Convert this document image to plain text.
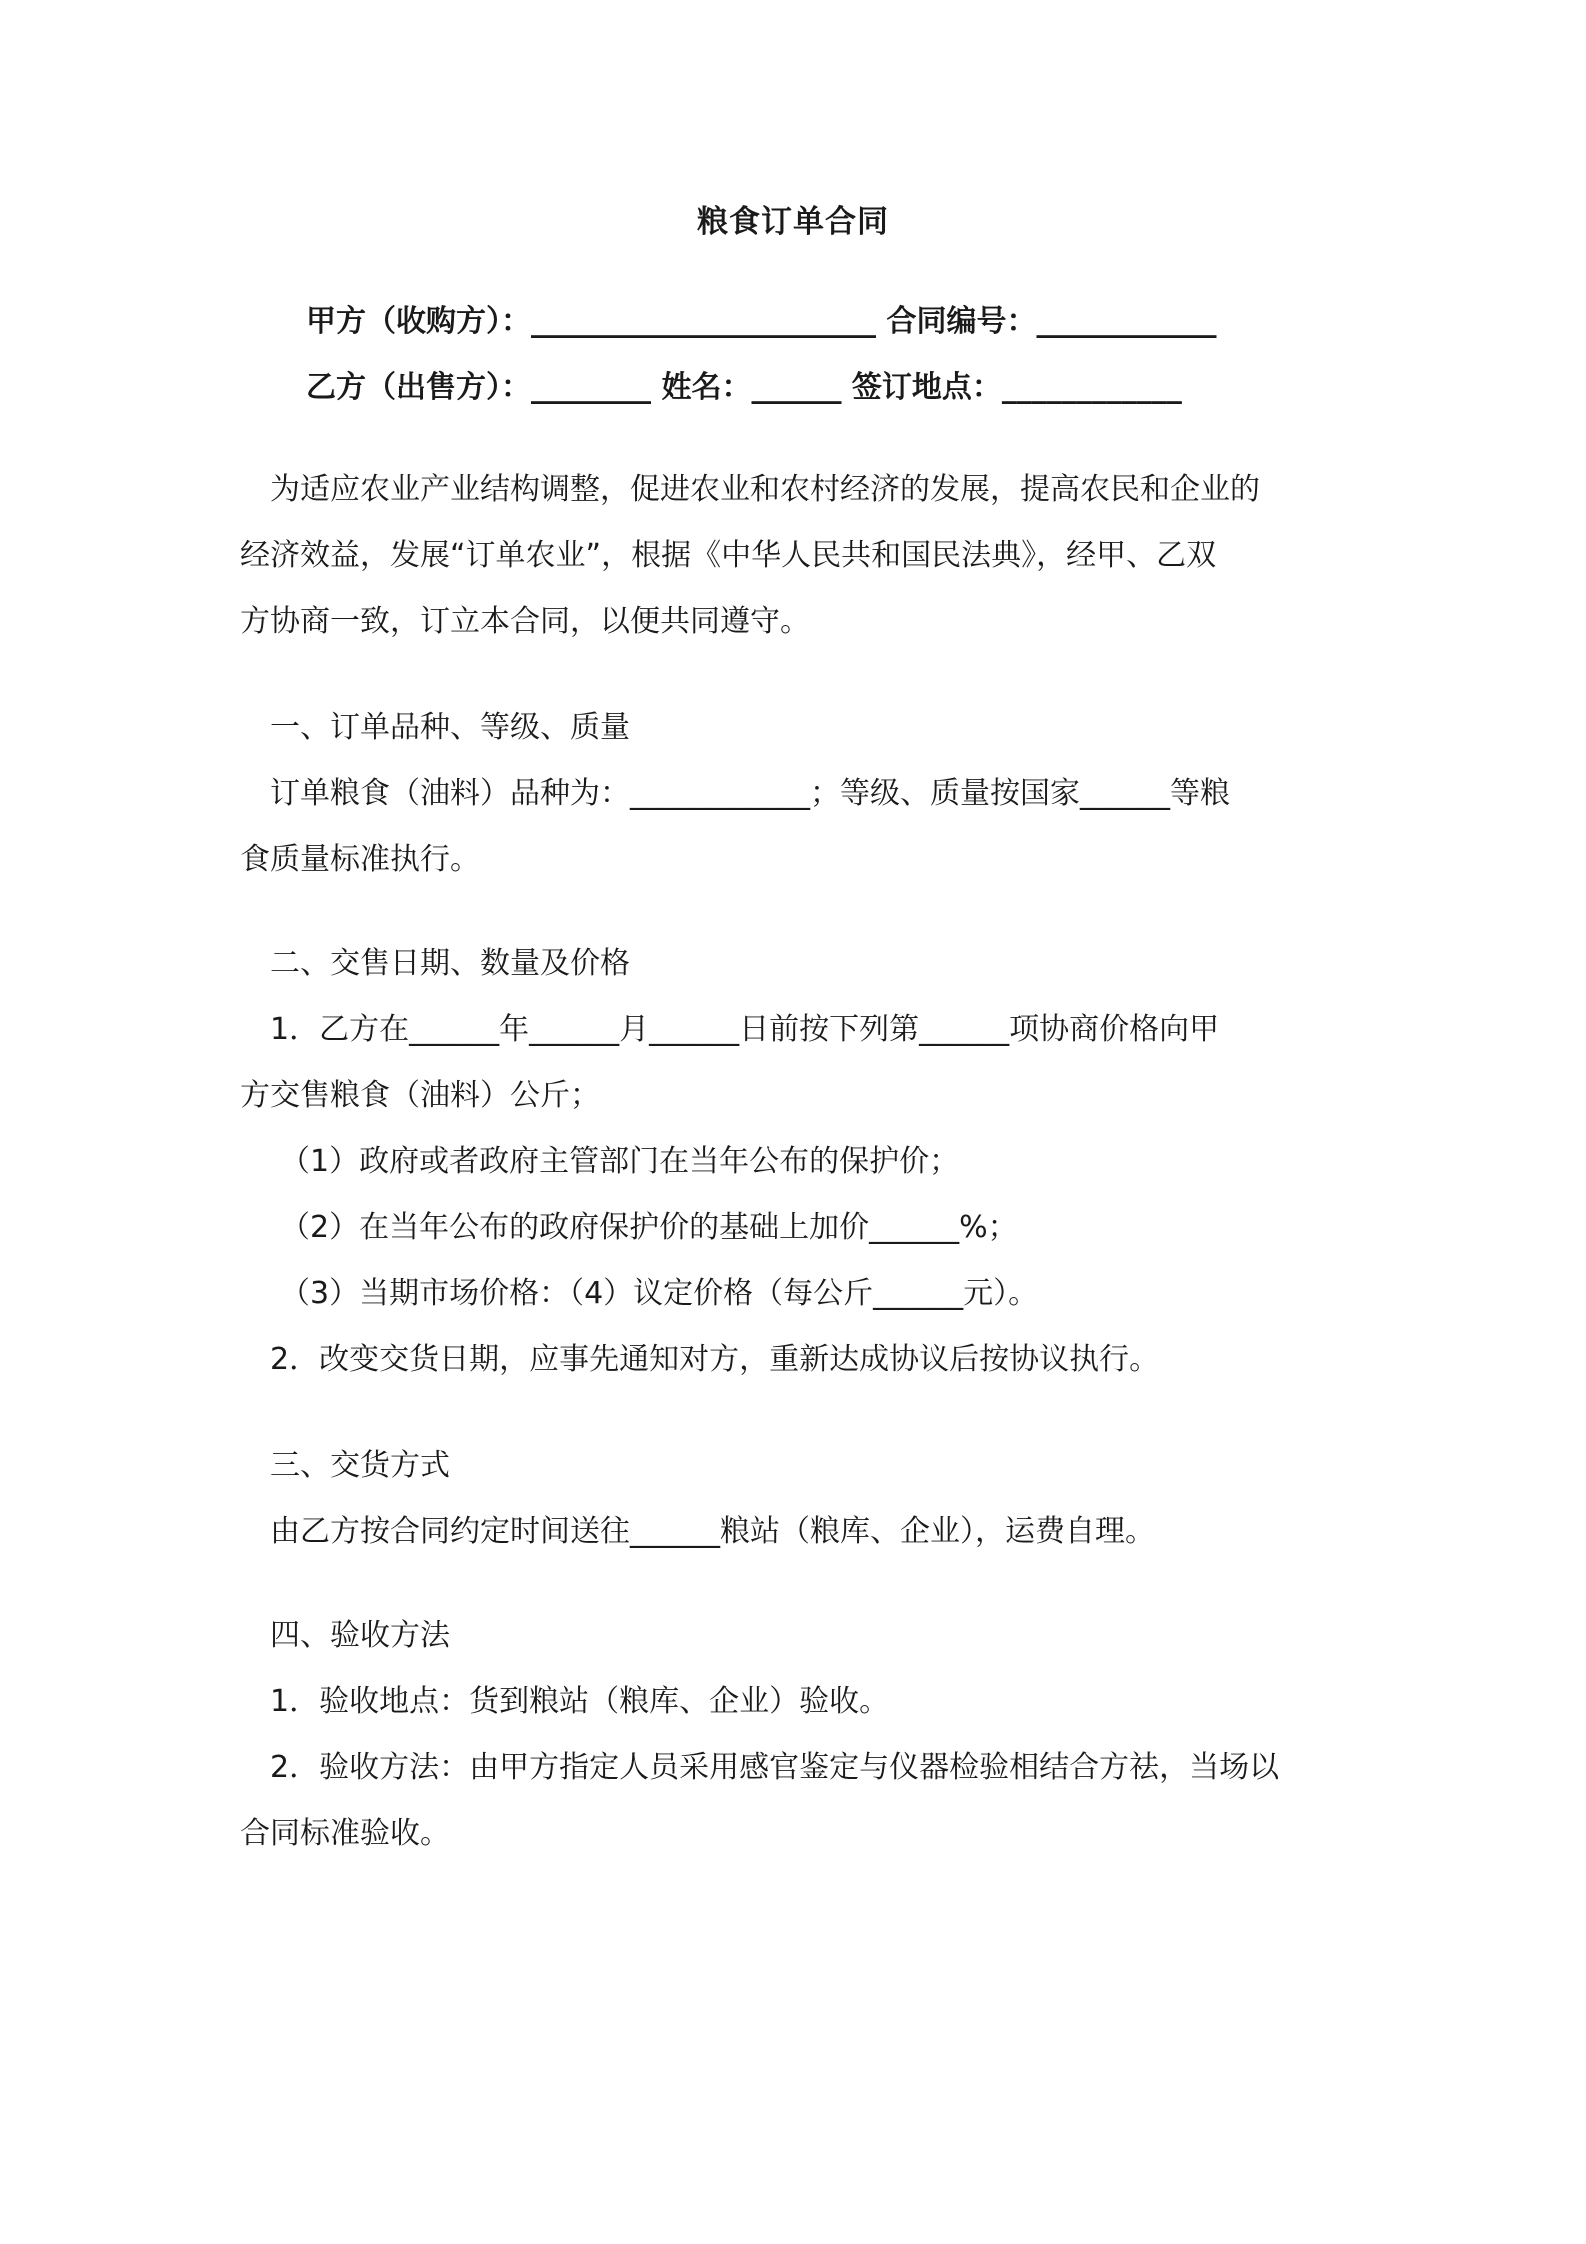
粮食订单合同

甲方（收购方）：_______________________ 合同编号：____________

乙方（出售方）：________ 姓名：______ 签订地点：____________

为适应农业产业结构调整，促进农业和农村经济的发展，提高农民和企业的

经济效益，发展“订单农业”，根据《中华人民共和国民法典》，经甲、乙双

方协商一致，订立本合同，以便共同遵守。

一、订单品种、等级、质量

订单粮食（油料）品种为：____________；等级、质量按国家______等粮

食质量标准执行。

二、交售日期、数量及价格

1．乙方在______年______月______日前按下列第______项协商价格向甲

方交售粮食（油料）公斤；

（1）政府或者政府主管部门在当年公布的保护价；

（2）在当年公布的政府保护价的基础上加价______%；

（3）当期市场价格：（4）议定价格（每公斤______元）。

2．改变交货日期，应事先通知对方，重新达成协议后按协议执行。

三、交货方式

由乙方按合同约定时间送往______粮站（粮库、企业），运费自理。

四、验收方法

1．验收地点：货到粮站（粮库、企业）验收。

2．验收方法：由甲方指定人员采用感官鉴定与仪器检验相结合方祛，当场以

合同标准验收。
